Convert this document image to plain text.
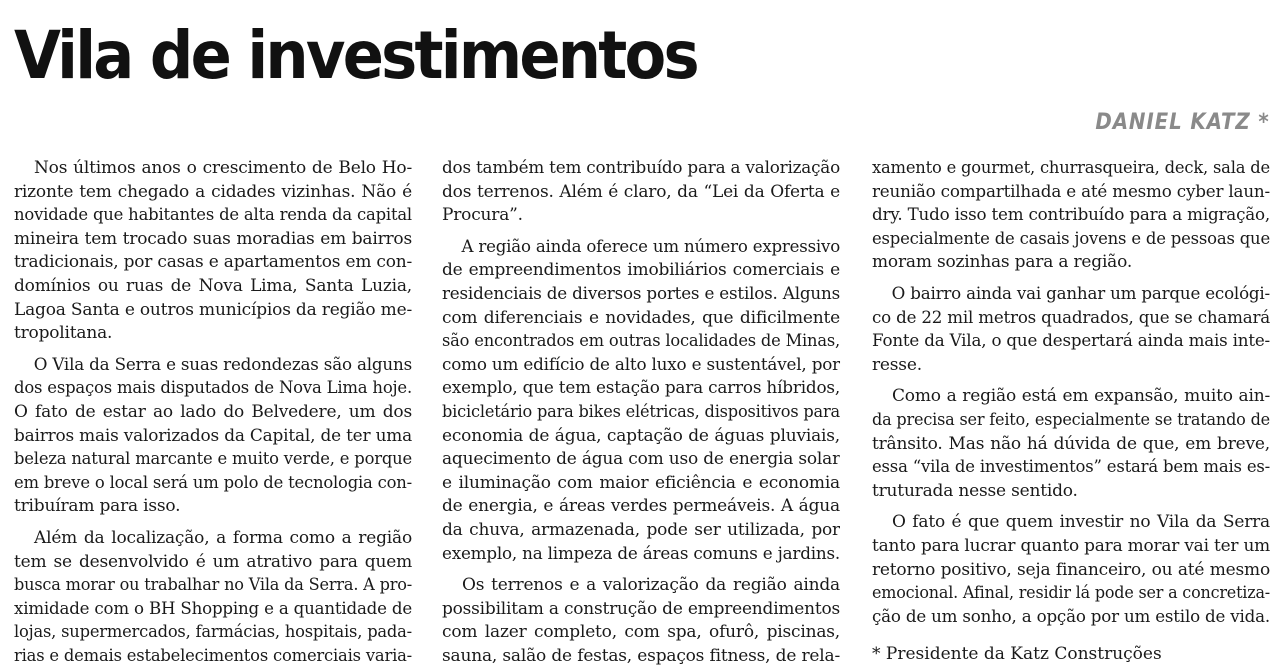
Vila de investimentos
DANIEL KATZ *
Nos últimos anos o crescimento de Belo Ho-
rizonte tem chegado a cidades vizinhas. Não é
novidade que habitantes de alta renda da capital
mineira tem trocado suas moradias em bairros
tradicionais, por casas e apartamentos em con-
domínios ou ruas de Nova Lima, Santa Luzia,
Lagoa Santa e outros municípios da região me-
tropolitana.
O Vila da Serra e suas redondezas são alguns
dos espaços mais disputados de Nova Lima hoje.
O fato de estar ao lado do Belvedere, um dos
bairros mais valorizados da Capital, de ter uma
beleza natural marcante e muito verde, e porque
em breve o local será um polo de tecnologia con-
tribuíram para isso.
Além da localização, a forma como a região
tem se desenvolvido é um atrativo para quem
busca morar ou trabalhar no Vila da Serra. A pro-
ximidade com o BH Shopping e a quantidade de
lojas, supermercados, farmácias, hospitais, pada-
rias e demais estabelecimentos comerciais varia-
dos também tem contribuído para a valorização
dos terrenos. Além é claro, da “Lei da Oferta e
Procura”.
A região ainda oferece um número expressivo
de empreendimentos imobiliários comerciais e
residenciais de diversos portes e estilos. Alguns
com diferenciais e novidades, que dificilmente
são encontrados em outras localidades de Minas,
como um edifício de alto luxo e sustentável, por
exemplo, que tem estação para carros híbridos,
bicicletário para bikes elétricas, dispositivos para
economia de água, captação de águas pluviais,
aquecimento de água com uso de energia solar
e iluminação com maior eficiência e economia
de energia, e áreas verdes permeáveis. A água
da chuva, armazenada, pode ser utilizada, por
exemplo, na limpeza de áreas comuns e jardins.
Os terrenos e a valorização da região ainda
possibilitam a construção de empreendimentos
com lazer completo, com spa, ofurô, piscinas,
sauna, salão de festas, espaços fitness, de rela-
xamento e gourmet, churrasqueira, deck, sala de
reunião compartilhada e até mesmo cyber laun-
dry. Tudo isso tem contribuído para a migração,
especialmente de casais jovens e de pessoas que
moram sozinhas para a região.
O bairro ainda vai ganhar um parque ecológi-
co de 22 mil metros quadrados, que se chamará
Fonte da Vila, o que despertará ainda mais inte-
resse.
Como a região está em expansão, muito ain-
da precisa ser feito, especialmente se tratando de
trânsito. Mas não há dúvida de que, em breve,
essa “vila de investimentos” estará bem mais es-
truturada nesse sentido.
O fato é que quem investir no Vila da Serra
tanto para lucrar quanto para morar vai ter um
retorno positivo, seja financeiro, ou até mesmo
emocional. Afinal, residir lá pode ser a concretiza-
ção de um sonho, a opção por um estilo de vida.
* Presidente da Katz Construções
